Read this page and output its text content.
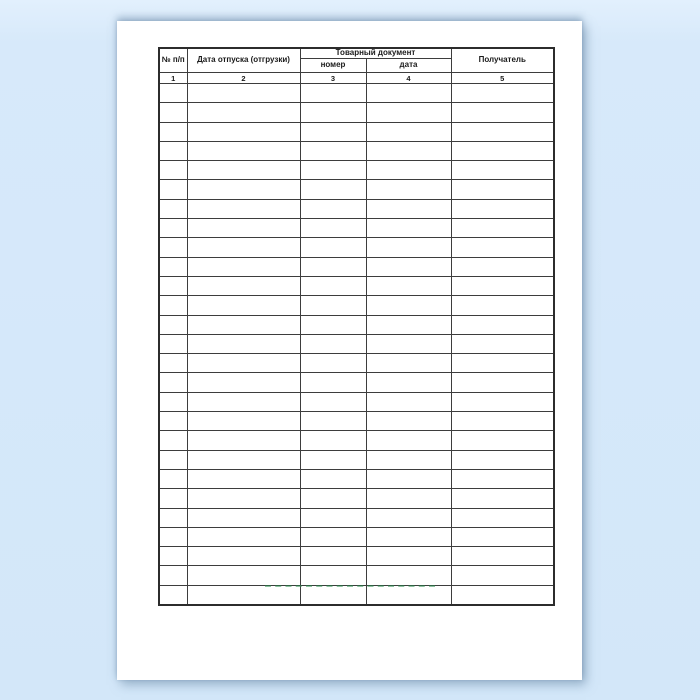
№ п/п	Дата отпуска (отгрузки)	Товарный документ		Получатель
		номер	дата	
1	2	3	4	5
